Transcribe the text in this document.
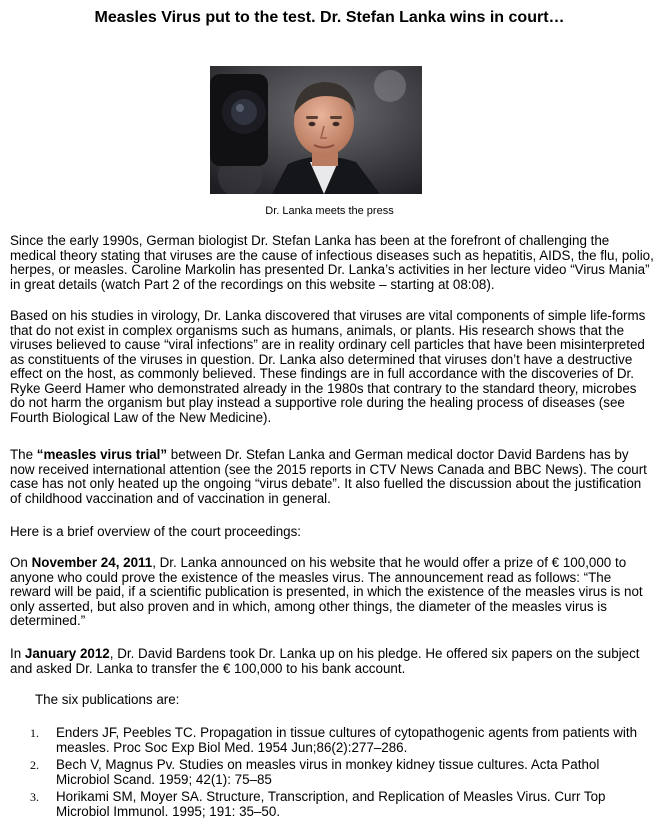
Measles Virus put to the test. Dr. Stefan Lanka wins in court…
Dr. Lanka meets the press

Since the early 1990s, German biologist Dr. Stefan Lanka has been at the forefront of challenging the medical theory stating that viruses are the cause of infectious diseases such as hepatitis, AIDS, the flu, polio, herpes, or measles. Caroline Markolin has presented Dr. Lanka’s activities in her lecture video “Virus Mania” in great details (watch Part 2 of the recordings on this website – starting at 08:08).

Based on his studies in virology, Dr. Lanka discovered that viruses are vital components of simple life-forms that do not exist in complex organisms such as humans, animals, or plants. His research shows that the viruses believed to cause “viral infections” are in reality ordinary cell particles that have been misinterpreted as constituents of the viruses in question. Dr. Lanka also determined that viruses don’t have a destructive effect on the host, as commonly believed. These findings are in full accordance with the discoveries of Dr. Ryke Geerd Hamer who demonstrated already in the 1980s that contrary to the standard theory, microbes do not harm the organism but play instead a supportive role during the healing process of diseases (see Fourth Biological Law of the New Medicine).

The “measles virus trial” between Dr. Stefan Lanka and German medical doctor David Bardens has by now received international attention (see the 2015 reports in CTV News Canada and BBC News). The court case has not only heated up the ongoing “virus debate”. It also fuelled the discussion about the justification of childhood vaccination and of vaccination in general.

Here is a brief overview of the court proceedings:

On November 24, 2011, Dr. Lanka announced on his website that he would offer a prize of € 100,000 to anyone who could prove the existence of the measles virus. The announcement read as follows: “The reward will be paid, if a scientific publication is presented, in which the existence of the measles virus is not only asserted, but also proven and in which, among other things, the diameter of the measles virus is determined.”

In January 2012, Dr. David Bardens took Dr. Lanka up on his pledge. He offered six papers on the subject and asked Dr. Lanka to transfer the € 100,000 to his bank account.

The six publications are:

1. Enders JF, Peebles TC. Propagation in tissue cultures of cytopathogenic agents from patients with measles. Proc Soc Exp Biol Med. 1954 Jun;86(2):277–286.
2. Bech V, Magnus Pv. Studies on measles virus in monkey kidney tissue cultures. Acta Pathol Microbiol Scand. 1959; 42(1): 75–85
3. Horikami SM, Moyer SA. Structure, Transcription, and Replication of Measles Virus. Curr Top Microbiol Immunol. 1995; 191: 35–50.
